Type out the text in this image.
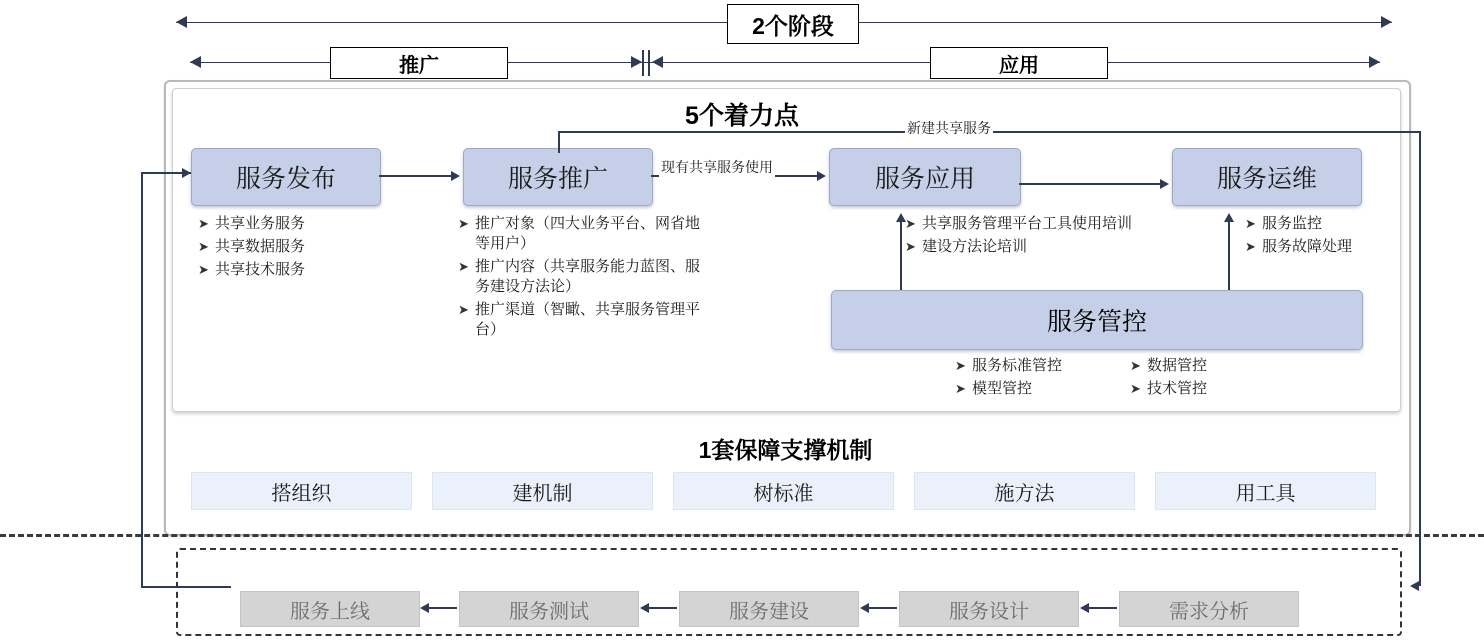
2个阶段
推广	应用
5个着力点
服务发布	服务推广	服务应用	服务运维
服务管控
现有共享服务使用
新建共享服务
➤ 共享业务服务
➤ 共享数据服务
➤ 共享技术服务
➤ 推广对象（四大业务平台、网省地等用户）
➤ 推广内容（共享服务能力蓝图、服务建设方法论）
➤ 推广渠道（智瞰、共享服务管理平台）
➤ 共享服务管理平台工具使用培训
➤ 建设方法论培训
➤ 服务监控
➤ 服务故障处理
➤ 服务标准管控
➤ 模型管控
➤ 数据管控
➤ 技术管控
1套保障支撑机制
搭组织	建机制	树标准	施方法	用工具
服务上线	服务测试	服务建设	服务设计	需求分析
